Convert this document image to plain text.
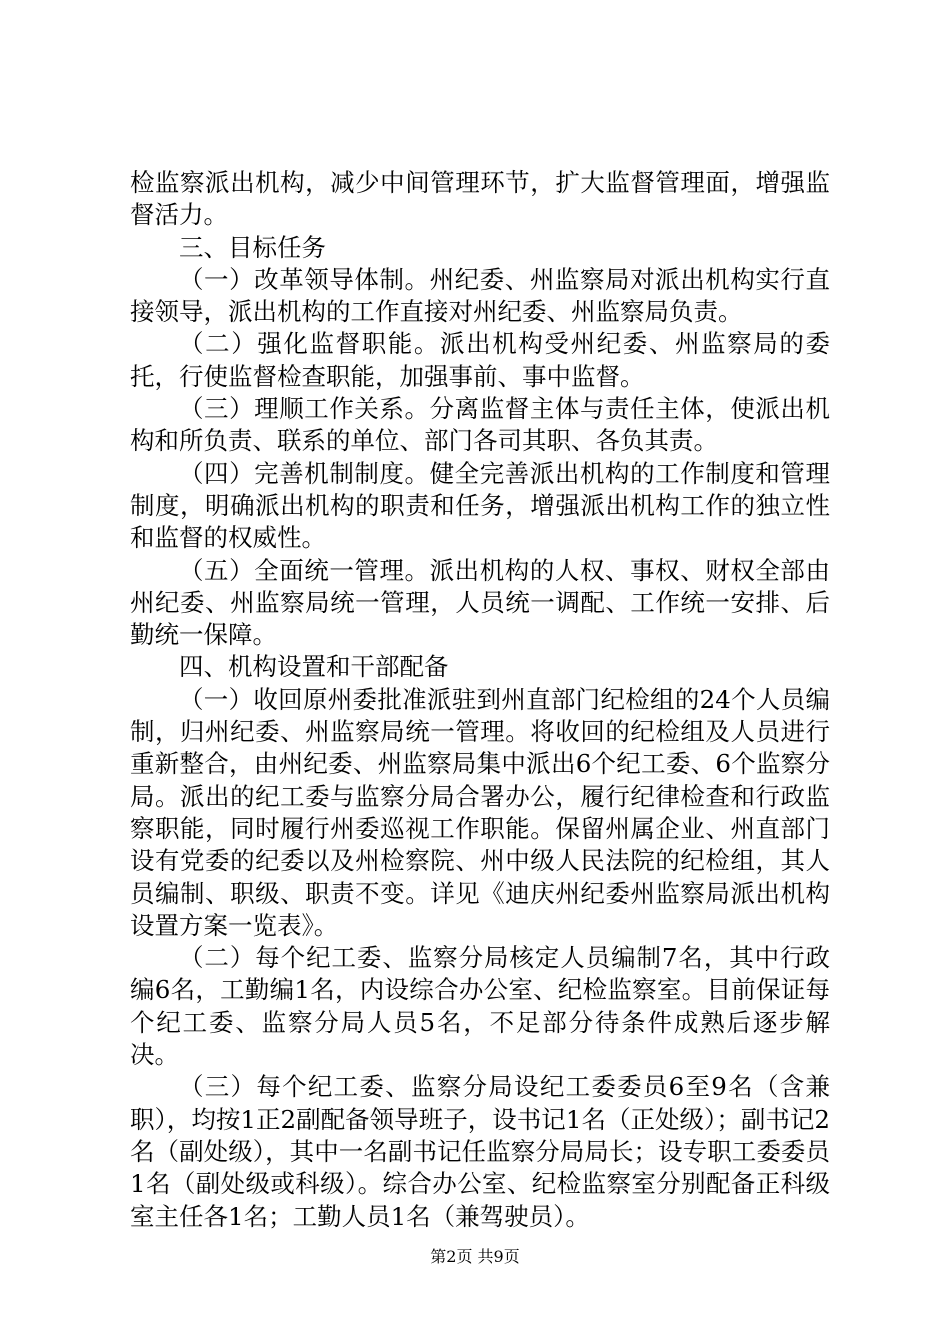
检监察派出机构，减少中间管理环节，扩大监督管理面，增强监督活力。

三、目标任务

（一）改革领导体制。州纪委、州监察局对派出机构实行直接领导，派出机构的工作直接对州纪委、州监察局负责。

（二）强化监督职能。派出机构受州纪委、州监察局的委托，行使监督检查职能，加强事前、事中监督。

（三）理顺工作关系。分离监督主体与责任主体，使派出机构和所负责、联系的单位、部门各司其职、各负其责。

（四）完善机制制度。健全完善派出机构的工作制度和管理制度，明确派出机构的职责和任务，增强派出机构工作的独立性和监督的权威性。

（五）全面统一管理。派出机构的人权、事权、财权全部由州纪委、州监察局统一管理，人员统一调配、工作统一安排、后勤统一保障。

四、机构设置和干部配备

（一）收回原州委批准派驻到州直部门纪检组的24个人员编制，归州纪委、州监察局统一管理。将收回的纪检组及人员进行重新整合，由州纪委、州监察局集中派出6个纪工委、6个监察分局。派出的纪工委与监察分局合署办公，履行纪律检查和行政监察职能，同时履行州委巡视工作职能。保留州属企业、州直部门设有党委的纪委以及州检察院、州中级人民法院的纪检组，其人员编制、职级、职责不变。详见《迪庆州纪委州监察局派出机构设置方案一览表》。

（二）每个纪工委、监察分局核定人员编制7名，其中行政编6名，工勤编1名，内设综合办公室、纪检监察室。目前保证每个纪工委、监察分局人员5名，不足部分待条件成熟后逐步解决。

（三）每个纪工委、监察分局设纪工委委员6至9名（含兼职），均按1正2副配备领导班子，设书记1名（正处级）；副书记2名（副处级），其中一名副书记任监察分局局长；设专职工委委员1名（副处级或科级）。综合办公室、纪检监察室分别配备正科级室主任各1名；工勤人员1名（兼驾驶员）。

第2页 共9页
